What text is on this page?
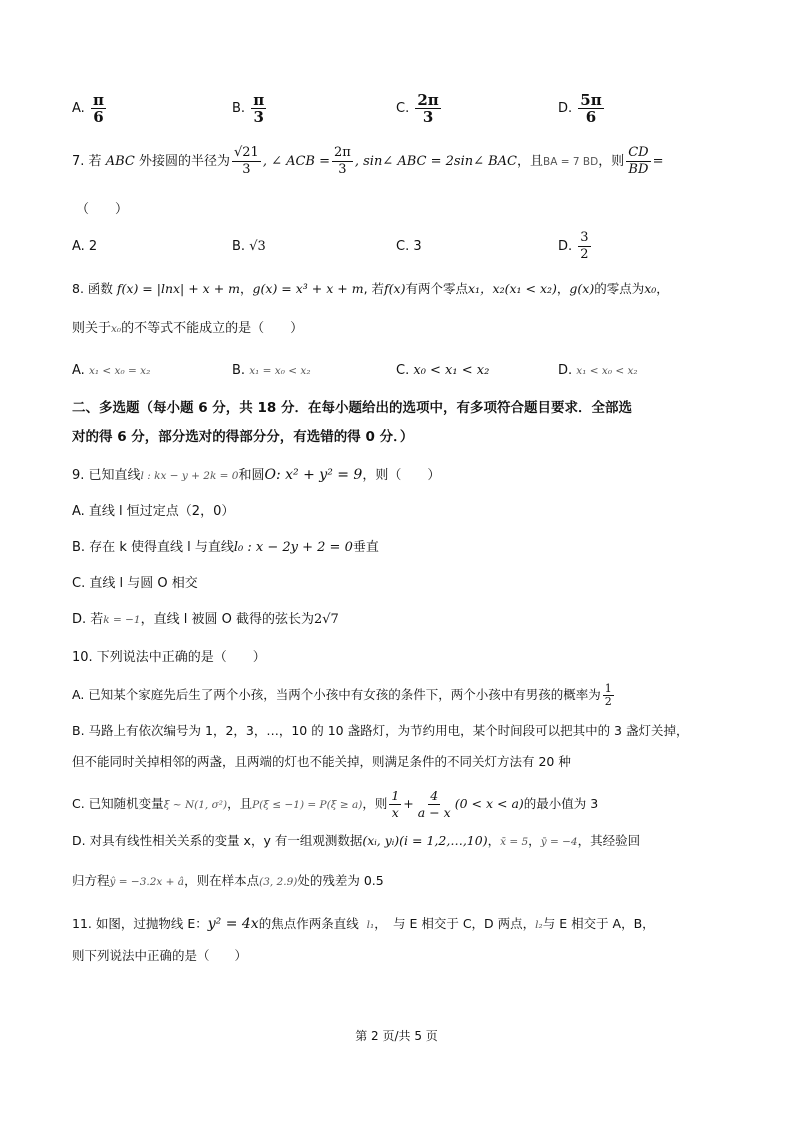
A. $\frac{\pi}{6}$	B. $\frac{\pi}{3}$	C. $\frac{2\pi}{3}$	D. $\frac{5\pi}{6}$
7. 若 ABC 外接圆的半径为 $\frac{√21}{3}$ , ∠ ACB = $\frac{2\pi}{3}$ , sin∠ ABC = 2sin∠ BAC，且BA = 7 BD，则 $\frac{CD}{BD}$ =
（　　）
A. 2	B. √3	C. 3	D. $\frac{3}{2}$
8. 函数 f(x) = |lnx| + x + m，g(x) = x³ + x + m, 若f(x)有两个零点x₁，x₂(x₁ < x₂)，g(x)的零点为x₀，
则关于x₀的不等式不能成立的是（　　）
A. x₁ < x₀ = x₂	B. x₁ = x₀ < x₂	C. x₀ < x₁ < x₂	D. x₁ < x₀ < x₂
二、多选题（每小题 6 分，共 18 分．在每小题给出的选项中，有多项符合题目要求．全部选
对的得 6 分，部分选对的得部分分，有选错的得 0 分．）
9. 已知直线l : kx − y + 2k = 0和圆O: x² + y² = 9，则（　　）
A. 直线 l 恒过定点（2，0）
B. 存在 k 使得直线 l 与直线l₀ : x − 2y + 2 = 0垂直
C. 直线 l 与圆 O 相交
D. 若k = −1，直线 l 被圆 O 截得的弦长为2√7
10. 下列说法中正确的是（　　）
A. 已知某个家庭先后生了两个小孩，当两个小孩中有女孩的条件下，两个小孩中有男孩的概率为 $\frac{1}{2}$
B. 马路上有依次编号为 1，2，3，…，10 的 10 盏路灯，为节约用电，某个时间段可以把其中的 3 盏灯关掉，
但不能同时关掉相邻的两盏，且两端的灯也不能关掉，则满足条件的不同关灯方法有 20 种
C. 已知随机变量ξ ~ N(1, σ²)，且P(ξ ≤ −1) = P(ξ ≥ a)，则 $\frac{1}{x} + \frac{4}{a - x} (0 < x < a)$的最小值为 3
D. 对具有线性相关关系的变量 x，y 有一组观测数据(xᵢ, yᵢ)(i = 1,2,…,10)，x̄ = 5，ȳ = −4，其经验回
归方程ŷ = −3.2x + â，则在样本点(3, 2.9)处的残差为 0.5
11. 如图，过抛物线 E：y² = 4x的焦点作两条直线 l₁，　与 E 相交于 C，D 两点，l₂与 E 相交于 A，B，
则下列说法中正确的是（　　）
第 2 页/共 5 页
